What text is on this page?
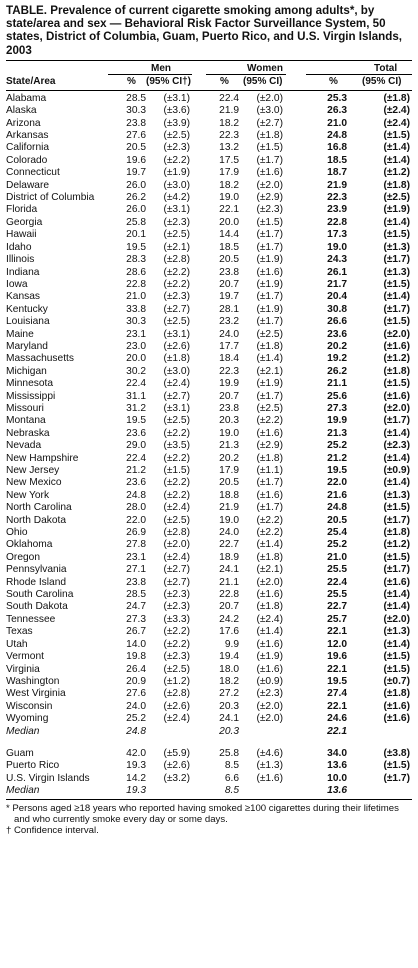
TABLE. Prevalence of current cigarette smoking among adults*, by state/area and sex — Behavioral Risk Factor Surveillance System, 50 states, District of Columbia, Guam, Puerto Rico, and U.S. Virgin Islands, 2003
Men	Women	Total
State/Area	% (95% CI†)	% (95% CI)	% (95% CI)
Alabama	28.5 (±3.1)	22.4 (±2.0)	25.3	(±1.8)
Alaska	30.3 (±3.6)	21.9 (±3.0)	26.3	(±2.4)
Arizona	23.8 (±3.9)	18.2 (±2.7)	21.0	(±2.4)
Arkansas	27.6 (±2.5)	22.3 (±1.8)	24.8	(±1.5)
California	20.5 (±2.3)	13.2 (±1.5)	16.8	(±1.4)
Colorado	19.6 (±2.2)	17.5 (±1.7)	18.5	(±1.4)
Connecticut	19.7 (±1.9)	17.9 (±1.6)	18.7	(±1.2)
Delaware	26.0 (±3.0)	18.2 (±2.0)	21.9	(±1.8)
District of Columbia	26.2 (±4.2)	19.0 (±2.9)	22.3	(±2.5)
Florida	26.0 (±3.1)	22.1 (±2.3)	23.9	(±1.9)
Georgia	25.8 (±2.3)	20.0 (±1.5)	22.8	(±1.4)
Hawaii	20.1 (±2.5)	14.4 (±1.7)	17.3	(±1.5)
Idaho	19.5 (±2.1)	18.5 (±1.7)	19.0	(±1.3)
Illinois	28.3 (±2.8)	20.5 (±1.9)	24.3	(±1.7)
Indiana	28.6 (±2.2)	23.8 (±1.6)	26.1	(±1.3)
Iowa	22.8 (±2.2)	20.7 (±1.9)	21.7	(±1.5)
Kansas	21.0 (±2.3)	19.7 (±1.7)	20.4	(±1.4)
Kentucky	33.8 (±2.7)	28.1 (±1.9)	30.8	(±1.7)
Louisiana	30.3 (±2.5)	23.2 (±1.7)	26.6	(±1.5)
Maine	23.1 (±3.1)	24.0 (±2.5)	23.6	(±2.0)
Maryland	23.0 (±2.6)	17.7 (±1.8)	20.2	(±1.6)
Massachusetts	20.0 (±1.8)	18.4 (±1.4)	19.2	(±1.2)
Michigan	30.2 (±3.0)	22.3 (±2.1)	26.2	(±1.8)
Minnesota	22.4 (±2.4)	19.9 (±1.9)	21.1	(±1.5)
Mississippi	31.1 (±2.7)	20.7 (±1.7)	25.6	(±1.6)
Missouri	31.2 (±3.1)	23.8 (±2.5)	27.3	(±2.0)
Montana	19.5 (±2.5)	20.3 (±2.2)	19.9	(±1.7)
Nebraska	23.6 (±2.2)	19.0 (±1.6)	21.3	(±1.4)
Nevada	29.0 (±3.5)	21.3 (±2.9)	25.2	(±2.3)
New Hampshire	22.4 (±2.2)	20.2 (±1.8)	21.2	(±1.4)
New Jersey	21.2 (±1.5)	17.9 (±1.1)	19.5	(±0.9)
New Mexico	23.6 (±2.2)	20.5 (±1.7)	22.0	(±1.4)
New York	24.8 (±2.2)	18.8 (±1.6)	21.6	(±1.3)
North Carolina	28.0 (±2.4)	21.9 (±1.7)	24.8	(±1.5)
North Dakota	22.0 (±2.5)	19.0 (±2.2)	20.5	(±1.7)
Ohio	26.9 (±2.8)	24.0 (±2.2)	25.4	(±1.8)
Oklahoma	27.8 (±2.0)	22.7 (±1.4)	25.2	(±1.2)
Oregon	23.1 (±2.4)	18.9 (±1.8)	21.0	(±1.5)
Pennsylvania	27.1 (±2.7)	24.1 (±2.1)	25.5	(±1.7)
Rhode Island	23.8 (±2.7)	21.1 (±2.0)	22.4	(±1.6)
South Carolina	28.5 (±2.3)	22.8 (±1.6)	25.5	(±1.4)
South Dakota	24.7 (±2.3)	20.7 (±1.8)	22.7	(±1.4)
Tennessee	27.3 (±3.3)	24.2 (±2.4)	25.7	(±2.0)
Texas	26.7 (±2.2)	17.6 (±1.4)	22.1	(±1.3)
Utah	14.0 (±2.2)	9.9 (±1.6)	12.0	(±1.4)
Vermont	19.8 (±2.3)	19.4 (±1.9)	19.6	(±1.5)
Virginia	26.4 (±2.5)	18.0 (±1.6)	22.1	(±1.5)
Washington	20.9 (±1.2)	18.2 (±0.9)	19.5	(±0.7)
West Virginia	27.6 (±2.8)	27.2 (±2.3)	27.4	(±1.8)
Wisconsin	24.0 (±2.6)	20.3 (±2.0)	22.1	(±1.6)
Wyoming	25.2 (±2.4)	24.1 (±2.0)	24.6	(±1.6)
Median	24.8	20.3	22.1
Guam	42.0 (±5.9)	25.8 (±4.6)	34.0	(±3.8)
Puerto Rico	19.3 (±2.6)	8.5 (±1.3)	13.6	(±1.5)
U.S. Virgin Islands	14.2 (±3.2)	6.6 (±1.6)	10.0	(±1.7)
Median	19.3	8.5	13.6
* Persons aged ≥18 years who reported having smoked ≥100 cigarettes during their lifetimes and who currently smoke every day or some days.
† Confidence interval.
